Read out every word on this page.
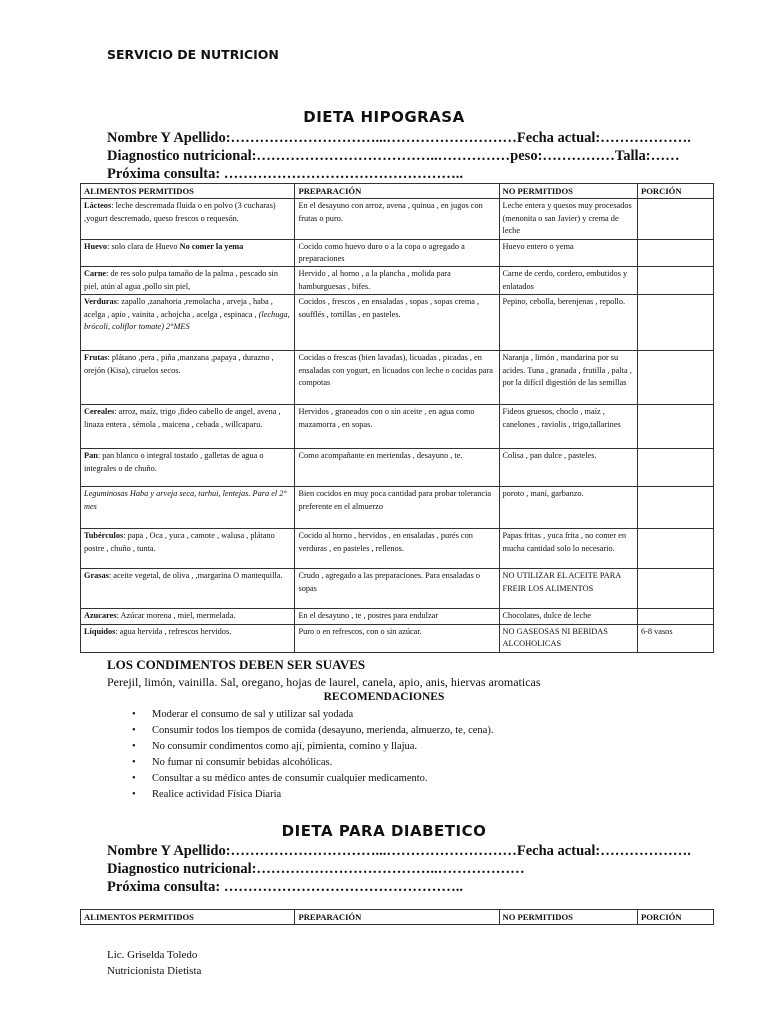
SERVICIO DE NUTRICION
DIETA HIPOGRASA
Nombre Y Apellido:…………………………...………………………Fecha actual:……………….
Diagnostico nutricional:………………………………..……………peso:……………Talla:……
Próxima consulta: …………………………………………..
ALIMENTOS PERMITIDOS	PREPARACIÓN	NO PERMITIDOS	PORCIÓN
Lácteos: leche descremada fluida o en polvo (3 cucharas) ,yogurt descremado, queso frescos o requesón.	En el desayuno con arroz, avena , quinua , en jugos con frutas o puro.	Leche entera y quesos muy procesados (menonita o san Javier) y crema de leche	
Huevo: solo clara de Huevo No comer la yema	Cocido como huevo duro o a la copa o agregado a preparaciones	Huevo entero o yema	
Carne: de res solo pulpa tamaño de la palma , pescado sin piel, atún al agua ,pollo sin piel,	Hervido , al horno , a la plancha , molida para hamburguesas , bifes.	Carne de cerdo, cordero, embutidos y enlatados	
Verduras: zapallo ,zanahoria ,remolacha , arveja , haba , acelga , apio , vainita , achojcha , acelga , espinaca , (lechuga, brócoli, coliflor tomate) 2°MES	Cocidos , frescos , en ensaladas , sopas , sopas crema , soufflés , tortillas , en pasteles.	Pepino, cebolla, berenjenas , repollo.	
Frutas: plátano ,pera , piña ,manzana ,papaya , durazno , orejón (Kisa), ciruelos secos.	Cocidas o frescas (bien lavadas), licuadas , picadas , en ensaladas con yogurt, en licuados con leche o cocidas para compotas	Naranja , limón , mandarina por su acides. Tuna , granada , frutilla , palta , por la difícil digestión de las semillas	
Cereales: arroz, maíz, trigo ,fideo cabello de angel, avena , linaza entera , sémola , maicena , cebada , willcaparu.	Hervidos , graneados con o sin aceite , en agua como mazamorra , en sopas.	Fideos gruesos, choclo , maíz , canelones , raviolis , trigo,tallarines	
Pan: pan blanco o integral tostado , galletas de agua o integrales o de chuño.	Como acompañante en meriendas , desayuno , te.	Colisa , pan dulce , pasteles.	
Leguminosas Haba y arveja seca, tarhui, lentejas. Para el 2° mes	Bien cocidos en muy poca cantidad para probar tolerancia preferente en el almuerzo	poroto , maní, garbanzo.	
Tubérculos: papa , Oca , yuca , camote , walusa , plátano postre , chuño , tunta.	Cocido al horno , hervidos , en ensaladas , purés con verduras , en pasteles , rellenos.	Papas fritas , yuca frita , no comer en mucha cantidad solo lo necesario.	
Grasas: aceite vegetal, de oliva , ,margarina O mantequilla.	Crudo , agregado a las preparaciones. Para ensaladas o sopas	NO UTILIZAR EL ACEITE PARA FREIR LOS ALIMENTOS	
Azucares: Azúcar morena , miel, mermelada.	En el desayuno , te , postres para endulzar	Chocolates, dulce de leche	
Líquidos: agua hervida , refrescos hervidos.	Puro o en refrescos, con o sin azúcar.	NO GASEOSAS NI BEBIDAS ALCOHOLICAS	6-8 vasos
LOS CONDIMENTOS DEBEN SER SUAVES
Perejil, limón, vainilla. Sal, oregano, hojas de laurel, canela, apio, anis, hiervas aromaticas
RECOMENDACIONES
• Moderar el consumo de sal y utilizar sal yodada
• Consumir todos los tiempos de comida (desayuno, merienda, almuerzo, te, cena).
• No consumir condimentos como ají, pimienta, comino y llajua.
• No fumar ni consumir bebidas alcohólicas.
• Consultar a su médico antes de consumir cualquier medicamento.
• Realice actividad Física Diaria
DIETA PARA DIABETICO
Nombre Y Apellido:…………………………...………………………Fecha actual:……………….
Diagnostico nutricional:………………………………..………………
Próxima consulta: …………………………………………..
ALIMENTOS PERMITIDOS	PREPARACIÓN	NO PERMITIDOS	PORCIÓN
Lic. Griselda Toledo
Nutricionista Dietista
